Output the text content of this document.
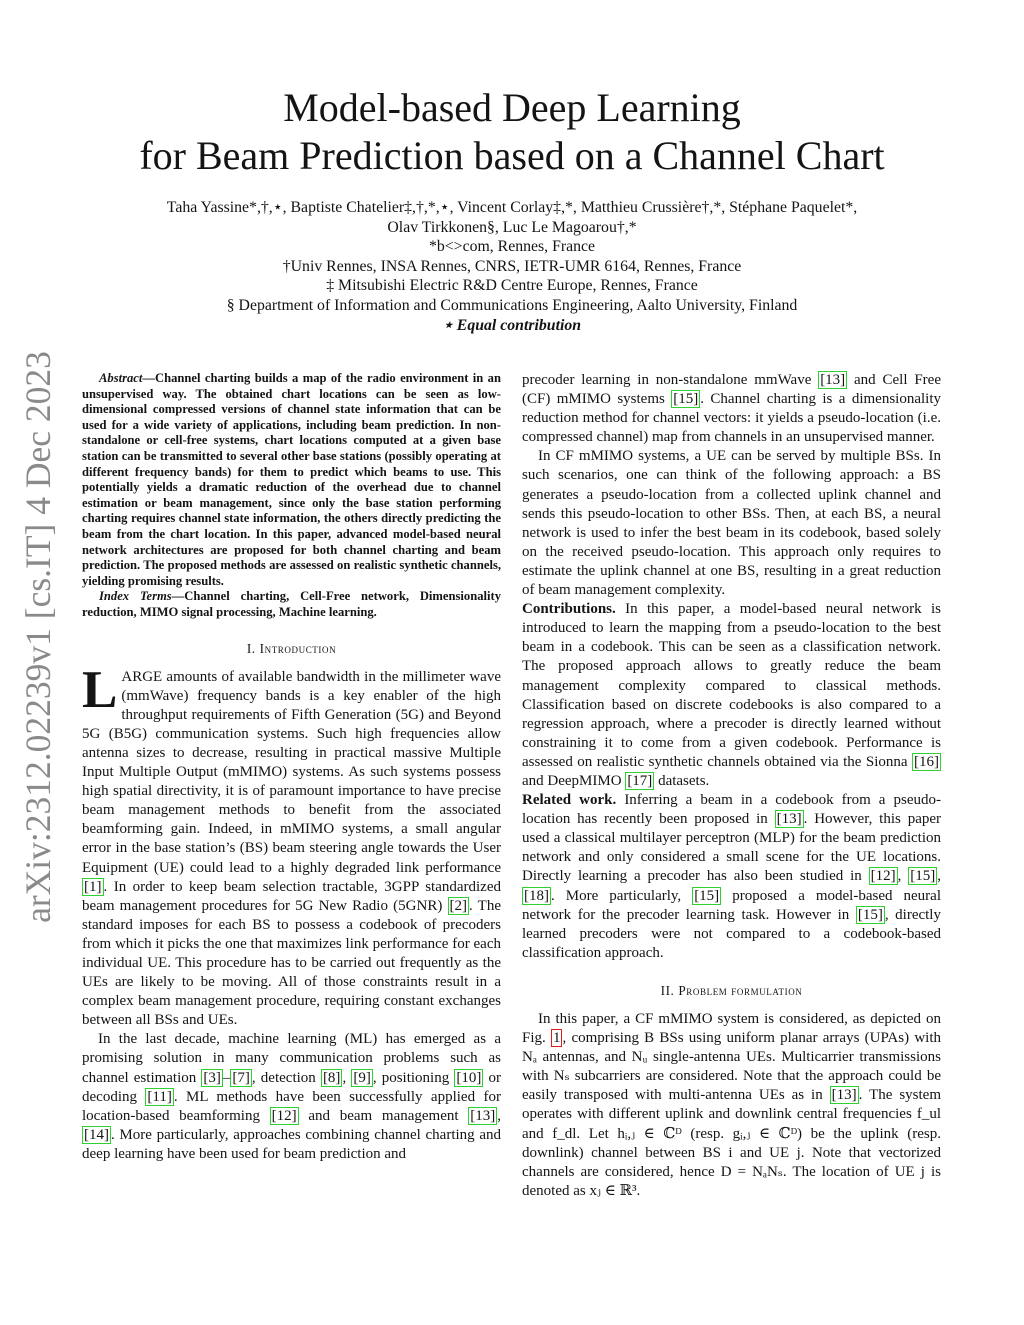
arXiv:2312.02239v1 [cs.IT] 4 Dec 2023

Model-based Deep Learning

for Beam Prediction based on a Channel Chart

Taha Yassine*,†,⋆, Baptiste Chatelier‡,†,*,⋆, Vincent Corlay‡,*, Matthieu Crussière†,*, Stéphane Paquelet*,
Olav Tirkkonen§, Luc Le Magoarou†,*
*b<>com, Rennes, France
†Univ Rennes, INSA Rennes, CNRS, IETR-UMR 6164, Rennes, France
‡ Mitsubishi Electric R&D Centre Europe, Rennes, France
§ Department of Information and Communications Engineering, Aalto University, Finland
⋆ Equal contribution

Abstract—Channel charting builds a map of the radio environment in an unsupervised way. The obtained chart locations can be seen as low-dimensional compressed versions of channel state information that can be used for a wide variety of applications, including beam prediction. In non-standalone or cell-free systems, chart locations computed at a given base station can be transmitted to several other base stations (possibly operating at different frequency bands) for them to predict which beams to use. This potentially yields a dramatic reduction of the overhead due to channel estimation or beam management, since only the base station performing charting requires channel state information, the others directly predicting the beam from the chart location. In this paper, advanced model-based neural network architectures are proposed for both channel charting and beam prediction. The proposed methods are assessed on realistic synthetic channels, yielding promising results.

Index Terms—Channel charting, Cell-Free network, Dimensionality reduction, MIMO signal processing, Machine learning.

I. Introduction

LARGE amounts of available bandwidth in the millimeter wave (mmWave) frequency bands is a key enabler of the high throughput requirements of Fifth Generation (5G) and Beyond 5G (B5G) communication systems. Such high frequencies allow antenna sizes to decrease, resulting in practical massive Multiple Input Multiple Output (mMIMO) systems. As such systems possess high spatial directivity, it is of paramount importance to have precise beam management methods to benefit from the associated beamforming gain. Indeed, in mMIMO systems, a small angular error in the base station’s (BS) beam steering angle towards the User Equipment (UE) could lead to a highly degraded link performance [1] . In order to keep beam selection tractable, 3GPP standardized beam management procedures for 5G New Radio (5GNR) [2] . The standard imposes for each BS to possess a codebook of precoders from which it picks the one that maximizes link performance for each individual UE. This procedure has to be carried out frequently as the UEs are likely to be moving. All of those constraints result in a complex beam management procedure, requiring constant exchanges between all BSs and UEs.

In the last decade, machine learning (ML) has emerged as a promising solution in many communication problems such as channel estimation [3] – [7] , detection [8] , [9] , positioning [10] or decoding [11] . ML methods have been successfully applied for location-based beamforming [12] and beam management [13] , [14] . More particularly, approaches combining channel charting and deep learning have been used for beam prediction and

precoder learning in non-standalone mmWave [13] and Cell Free (CF) mMIMO systems [15] . Channel charting is a dimensionality reduction method for channel vectors: it yields a pseudo-location (i.e. compressed channel) map from channels in an unsupervised manner.

In CF mMIMO systems, a UE can be served by multiple BSs. In such scenarios, one can think of the following approach: a BS generates a pseudo-location from a collected uplink channel and sends this pseudo-location to other BSs. Then, at each BS, a neural network is used to infer the best beam in its codebook, based solely on the received pseudo-location. This approach only requires to estimate the uplink channel at one BS, resulting in a great reduction of beam management complexity.

Contributions. In this paper, a model-based neural network is introduced to learn the mapping from a pseudo-location to the best beam in a codebook. This can be seen as a classification network. The proposed approach allows to greatly reduce the beam management complexity compared to classical methods. Classification based on discrete codebooks is also compared to a regression approach, where a precoder is directly learned without constraining it to come from a given codebook. Performance is assessed on realistic synthetic channels obtained via the Sionna [16] and DeepMIMO [17] datasets.

Related work. Inferring a beam in a codebook from a pseudo-location has recently been proposed in [13] . However, this paper used a classical multilayer perceptron (MLP) for the beam prediction network and only considered a small scene for the UE locations. Directly learning a precoder has also been studied in [12] , [15] , [18] . More particularly, [15] proposed a model-based neural network for the precoder learning task. However in [15] , directly learned precoders were not compared to a codebook-based classification approach.

II. Problem formulation

In this paper, a CF mMIMO system is considered, as depicted on Fig. 1 , comprising B BSs using uniform planar arrays (UPAs) with Nₐ antennas, and Nᵤ single-antenna UEs. Multicarrier transmissions with Nₛ subcarriers are considered. Note that the approach could be easily transposed with multi-antenna UEs as in [13] . The system operates with different uplink and downlink central frequencies f_ul and f_dl. Let hᵢ,ⱼ ∈ ℂᴰ (resp. gᵢ,ⱼ ∈ ℂᴰ) be the uplink (resp. downlink) channel between BS i and UE j. Note that vectorized channels are considered, hence D = NₐNₛ. The location of UE j is denoted as xⱼ ∈ ℝ³.
